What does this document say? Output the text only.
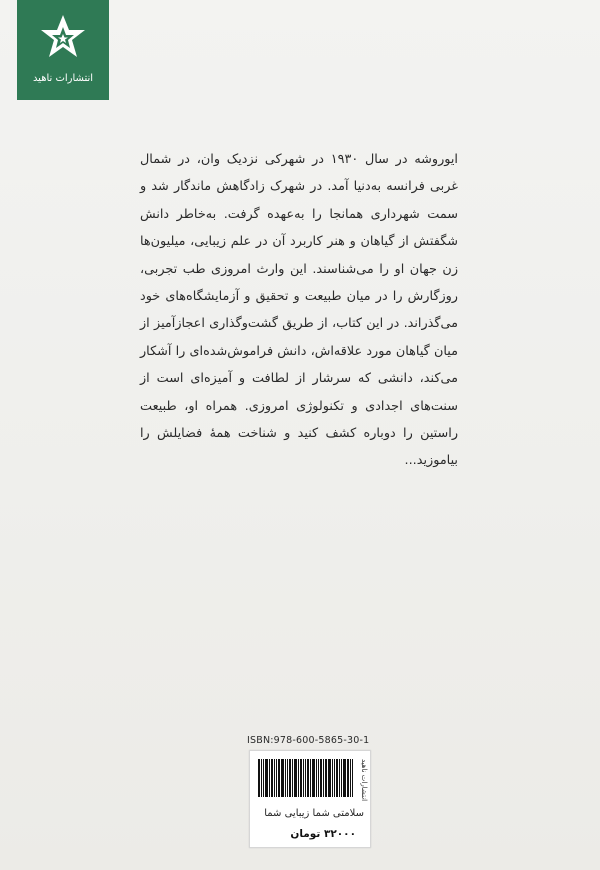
انتشارات ناهید

ایوروشه در سال ۱۹۳۰ در شهرکی نزدیک وان، در شمال غربی فرانسه به‌دنیا آمد. در شهرک زادگاهش ماندگار شد و سمت شهرداری همانجا را به‌عهده گرفت. به‌خاطر دانش شگفتش از گیاهان و هنر کاربرد آن در علم زیبایی، میلیون‌ها زن جهان او را می‌شناسند. این وارث امروزی طب تجربی، روزگارش را در میان طبیعت و تحقیق و آزمایشگاه‌های خود می‌گذراند. در این کتاب، از طریق گشت‌وگذاری اعجازآمیز از میان گیاهان مورد علاقه‌اش، دانش فراموش‌شده‌ای را آشکار می‌کند، دانشی که سرشار از لطافت و آمیزه‌ای است از سنت‌های اجدادی و تکنولوژی امروزی. همراه او، طبیعت راستین را دوباره کشف کنید و شناخت همهٔ فضایلش را بیاموزید...

ISBN:978-600-5865-30-1
انتشارات ناهید
سلامتی شما زیبایی شما
۳۲۰۰۰ تومان
